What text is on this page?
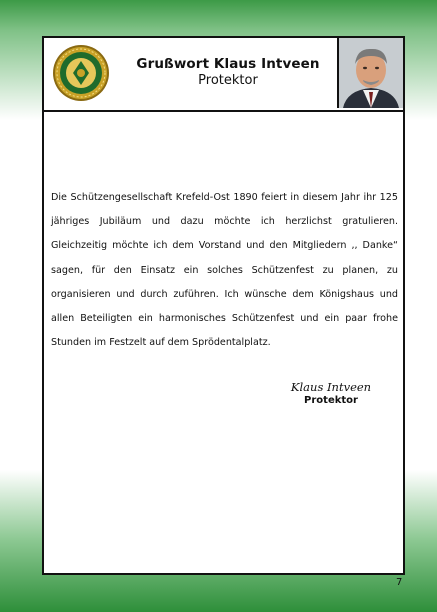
Grußwort Klaus Intveen
Protektor

Die Schützengesellschaft Krefeld-Ost 1890 feiert in diesem Jahr ihr 125 jähriges Jubiläum und dazu möchte ich herzlichst gratulieren. Gleichzeitig möchte ich dem Vorstand und den Mitgliedern ,, Danke“ sagen, für den Einsatz ein solches Schützenfest zu planen, zu organisieren und durch zuführen. Ich wünsche dem Königshaus und allen Beteiligten ein harmonisches Schützenfest und ein paar frohe Stunden im Festzelt auf dem Sprödentalplatz.

Klaus Intveen
Protektor
7
